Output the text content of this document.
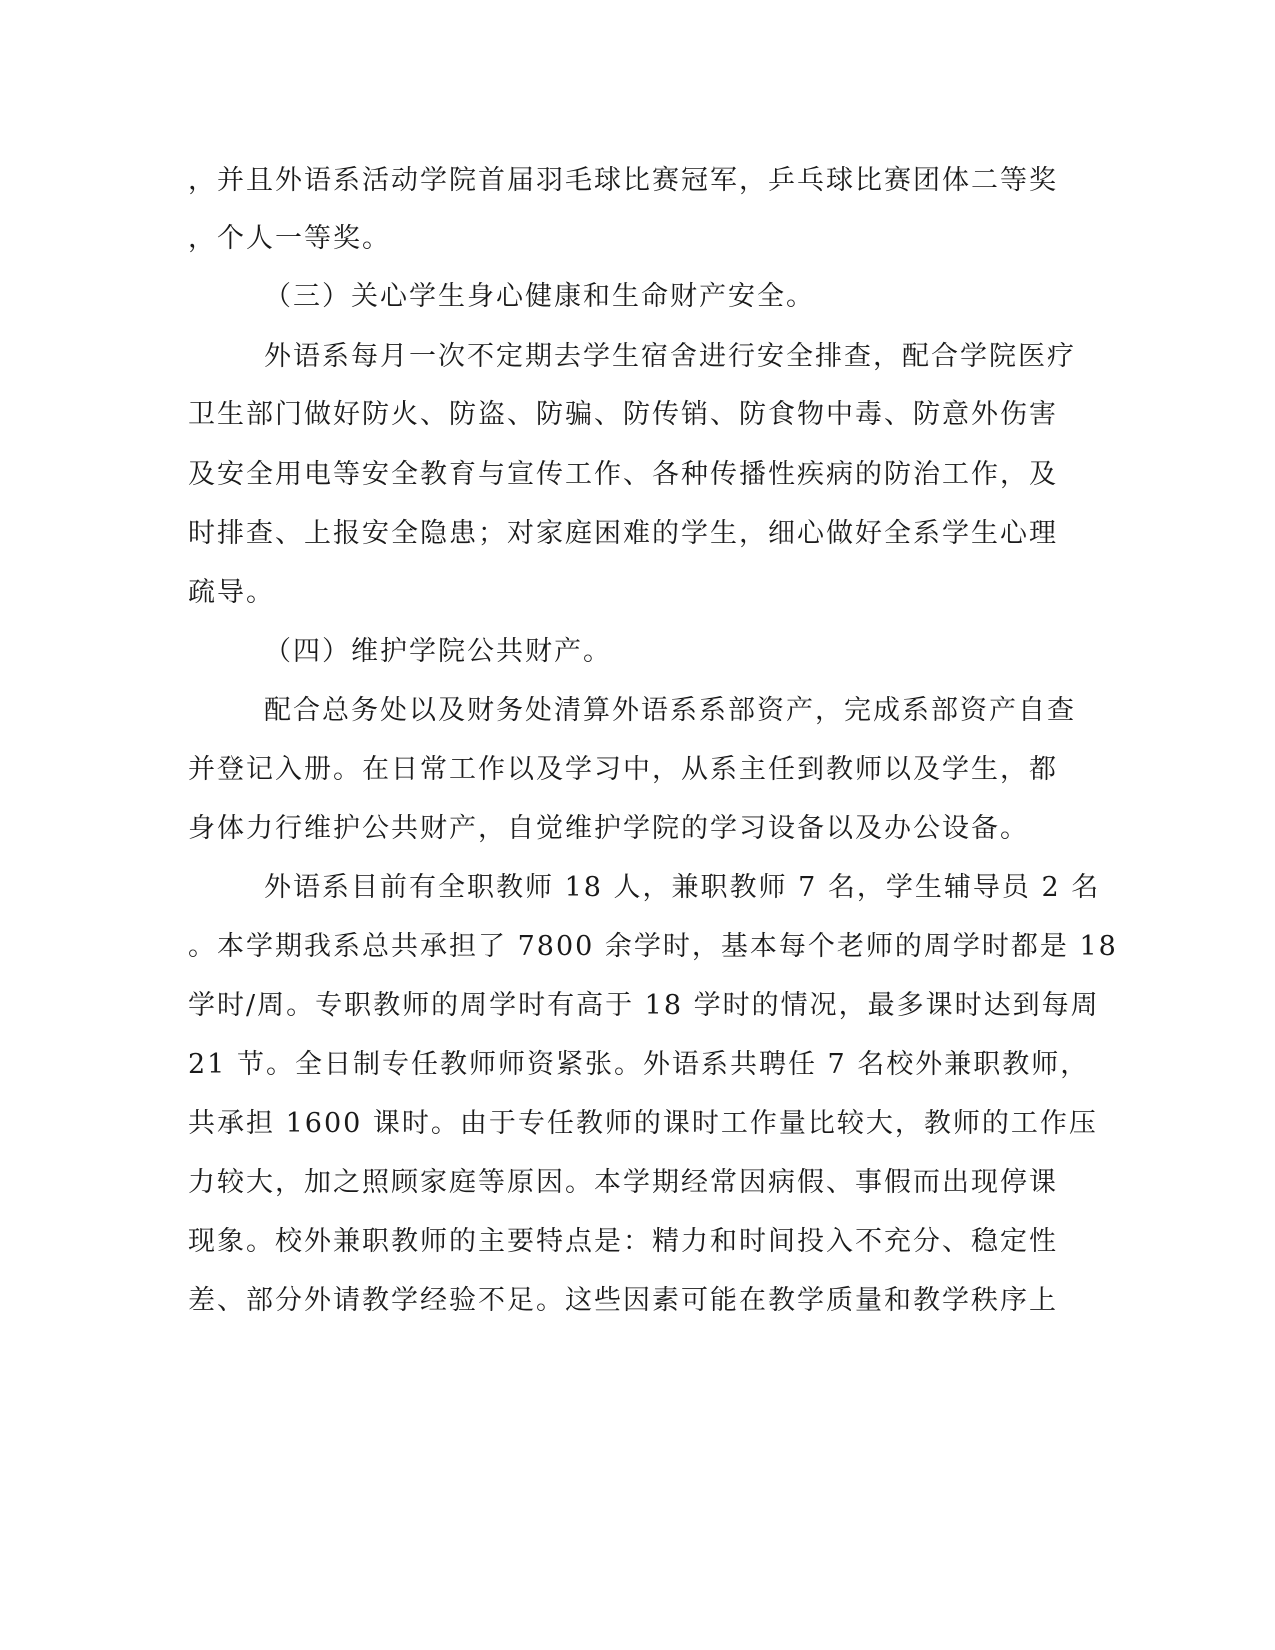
，并且外语系活动学院首届羽毛球比赛冠军，乒乓球比赛团体二等奖
，个人一等奖。
（三）关心学生身心健康和生命财产安全。
外语系每月一次不定期去学生宿舍进行安全排查，配合学院医疗
卫生部门做好防火、防盗、防骗、防传销、防食物中毒、防意外伤害
及安全用电等安全教育与宣传工作、各种传播性疾病的防治工作，及
时排查、上报安全隐患；对家庭困难的学生，细心做好全系学生心理
疏导。
（四）维护学院公共财产。
配合总务处以及财务处清算外语系系部资产，完成系部资产自查
并登记入册。在日常工作以及学习中，从系主任到教师以及学生，都
身体力行维护公共财产，自觉维护学院的学习设备以及办公设备。
外语系目前有全职教师 18 人，兼职教师 7 名，学生辅导员 2 名
。本学期我系总共承担了 7800 余学时，基本每个老师的周学时都是 18
学时/周。专职教师的周学时有高于 18 学时的情况，最多课时达到每周
21 节。全日制专任教师师资紧张。外语系共聘任 7 名校外兼职教师，
共承担 1600 课时。由于专任教师的课时工作量比较大，教师的工作压
力较大，加之照顾家庭等原因。本学期经常因病假、事假而出现停课
现象。校外兼职教师的主要特点是：精力和时间投入不充分、稳定性
差、部分外请教学经验不足。这些因素可能在教学质量和教学秩序上
